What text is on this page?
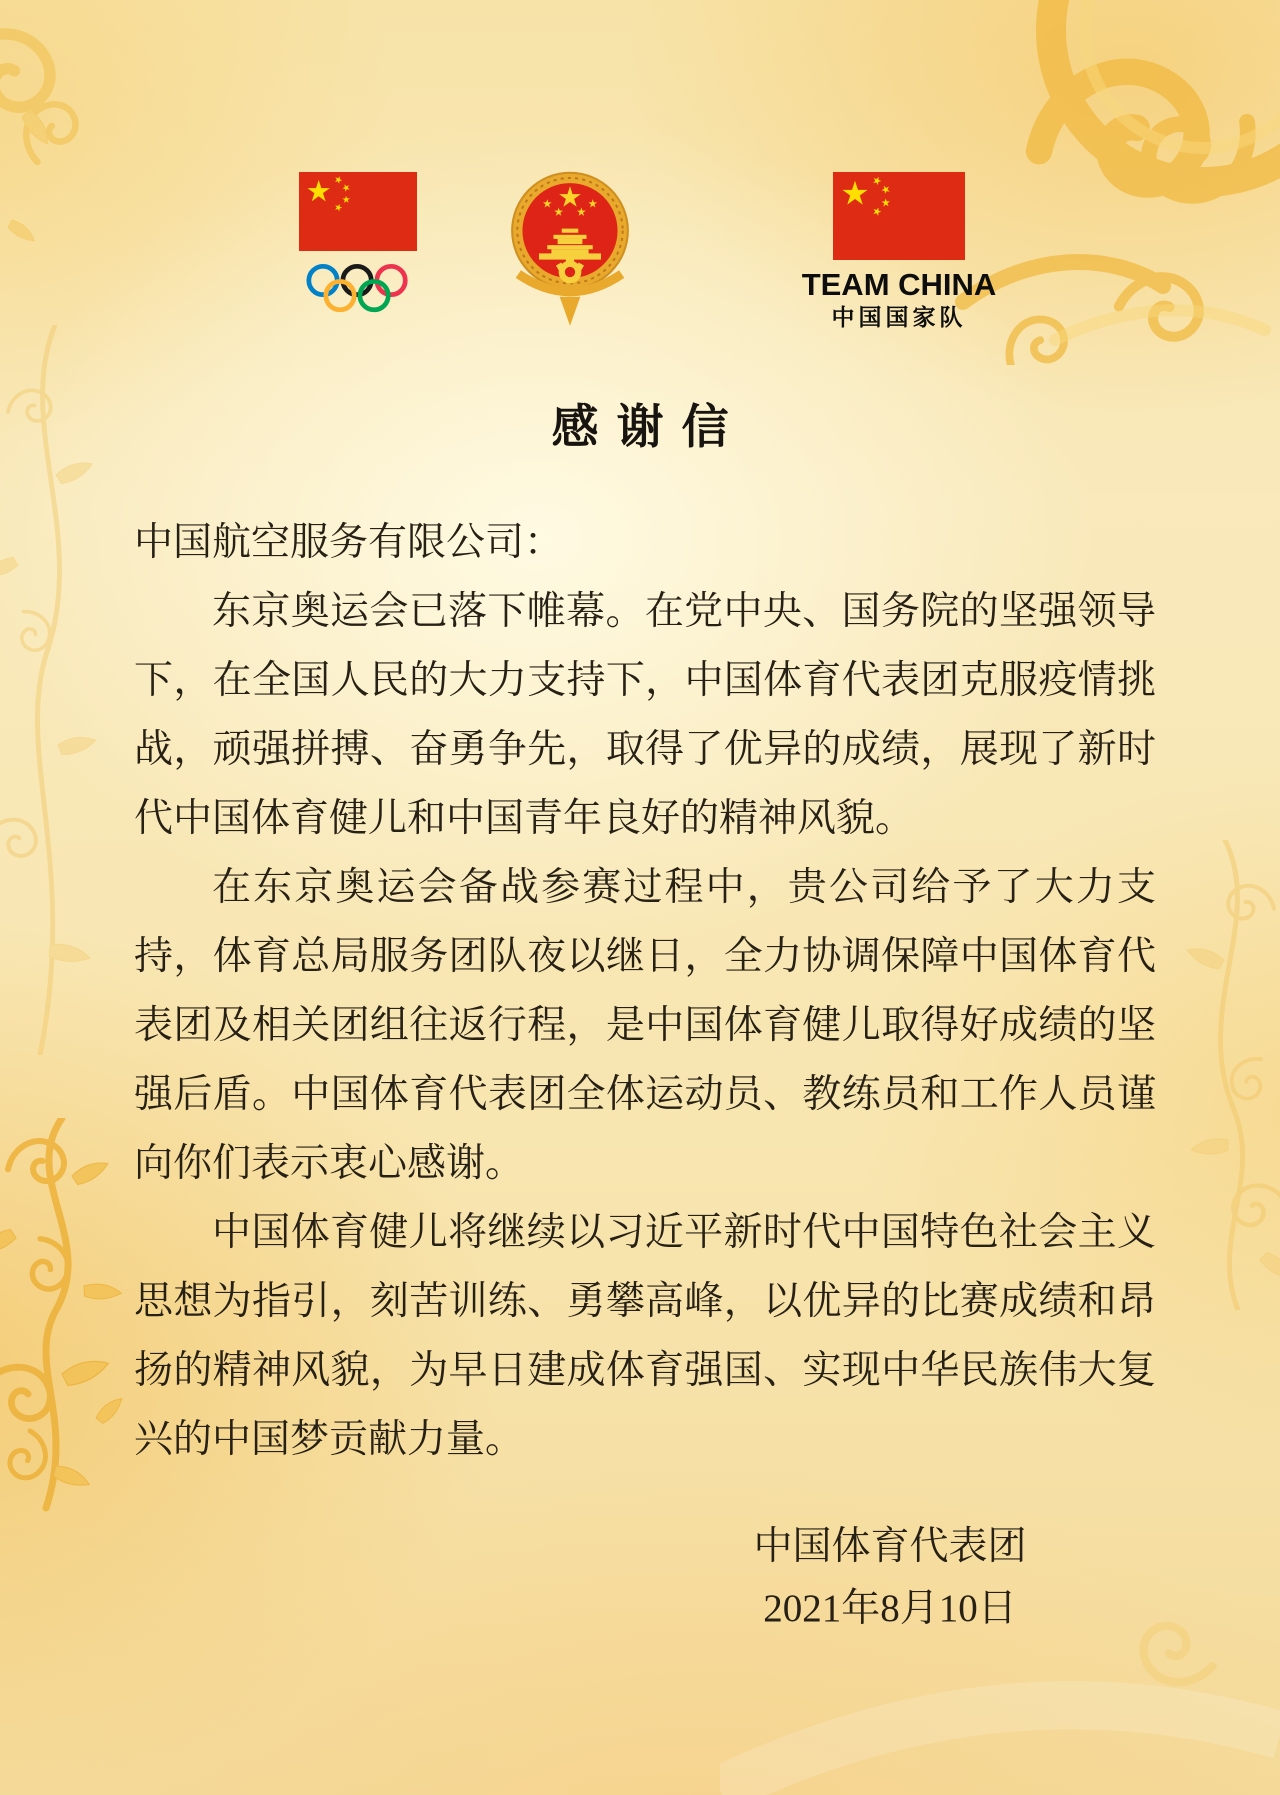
TEAM CHINA
中国国家队
感谢信

中国航空服务有限公司：

东京奥运会已落下帷幕。在党中央、国务院的坚强领导下，在全国人民的大力支持下，中国体育代表团克服疫情挑战，顽强拼搏、奋勇争先，取得了优异的成绩，展现了新时代中国体育健儿和中国青年良好的精神风貌。

在东京奥运会备战参赛过程中，贵公司给予了大力支持，体育总局服务团队夜以继日，全力协调保障中国体育代表团及相关团组往返行程，是中国体育健儿取得好成绩的坚强后盾。中国体育代表团全体运动员、教练员和工作人员谨向你们表示衷心感谢。

中国体育健儿将继续以习近平新时代中国特色社会主义思想为指引，刻苦训练、勇攀高峰，以优异的比赛成绩和昂扬的精神风貌，为早日建成体育强国、实现中华民族伟大复兴的中国梦贡献力量。

中国体育代表团
2021年8月10日
